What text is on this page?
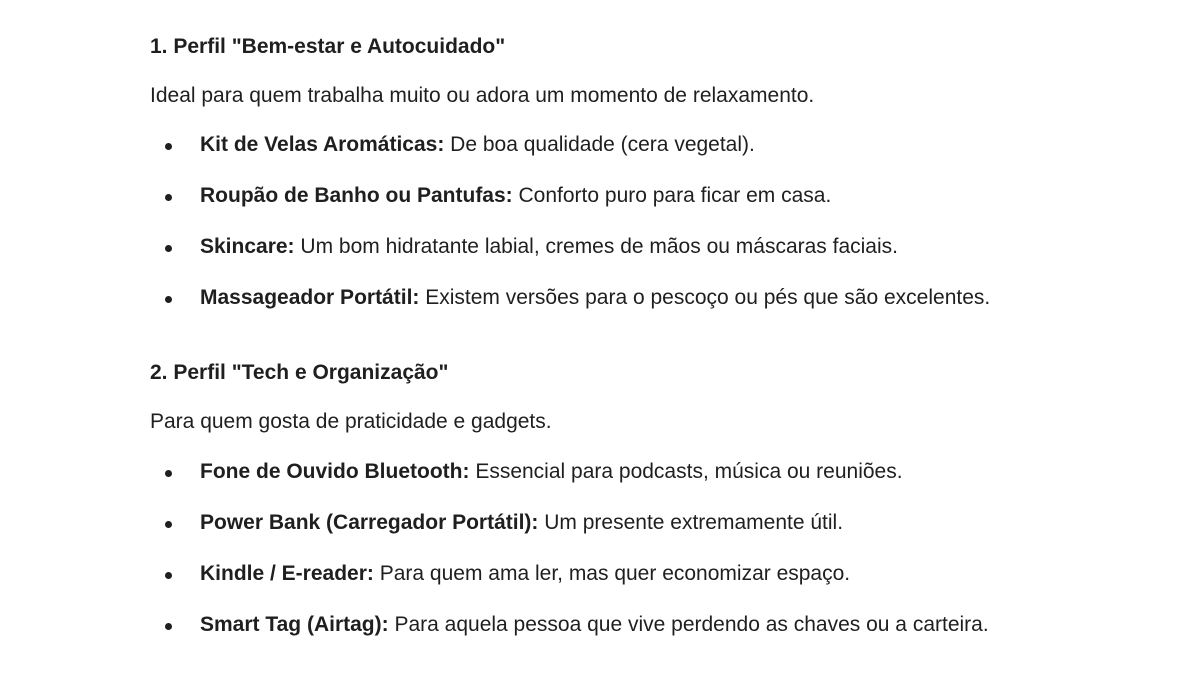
1. Perfil "Bem-estar e Autocuidado"

Ideal para quem trabalha muito ou adora um momento de relaxamento.

Kit de Velas Aromáticas: De boa qualidade (cera vegetal).
Roupão de Banho ou Pantufas: Conforto puro para ficar em casa.
Skincare: Um bom hidratante labial, cremes de mãos ou máscaras faciais.
Massageador Portátil: Existem versões para o pescoço ou pés que são excelentes.
2. Perfil "Tech e Organização"

Para quem gosta de praticidade e gadgets.

Fone de Ouvido Bluetooth: Essencial para podcasts, música ou reuniões.
Power Bank (Carregador Portátil): Um presente extremamente útil.
Kindle / E-reader: Para quem ama ler, mas quer economizar espaço.
Smart Tag (Airtag): Para aquela pessoa que vive perdendo as chaves ou a carteira.
